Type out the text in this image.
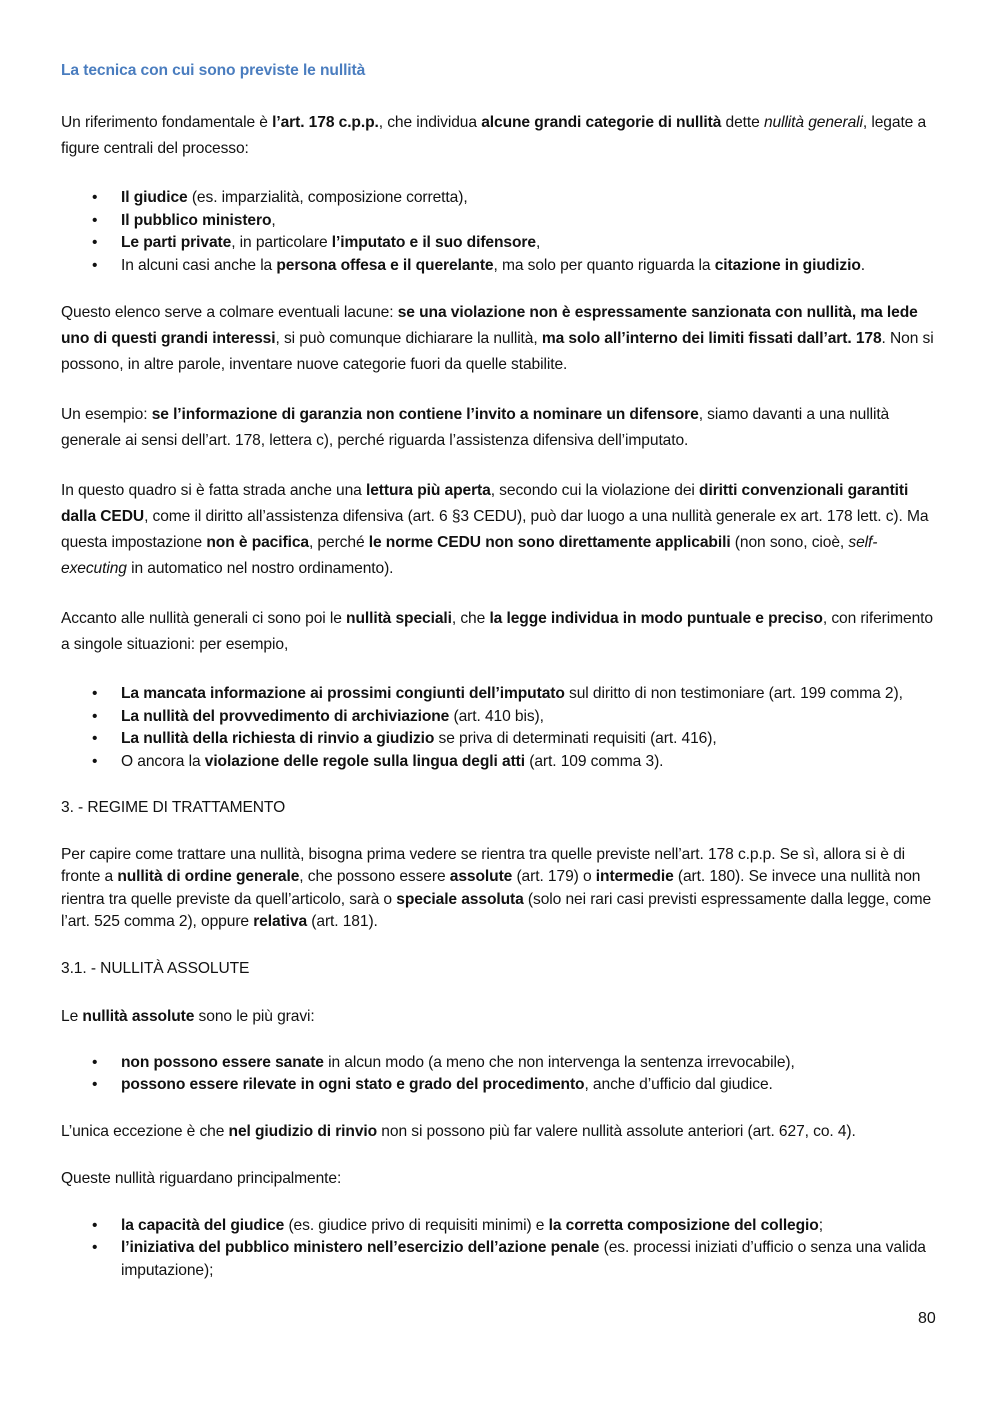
La tecnica con cui sono previste le nullità

Un riferimento fondamentale è l’art. 178 c.p.p., che individua alcune grandi categorie di nullità dette nullità generali, legate a figure centrali del processo:

• Il giudice (es. imparzialità, composizione corretta),
• Il pubblico ministero,
• Le parti private, in particolare l’imputato e il suo difensore,
• In alcuni casi anche la persona offesa e il querelante, ma solo per quanto riguarda la citazione in giudizio.

Questo elenco serve a colmare eventuali lacune: se una violazione non è espressamente sanzionata con nullità, ma lede uno di questi grandi interessi, si può comunque dichiarare la nullità, ma solo all’interno dei limiti fissati dall’art. 178. Non si possono, in altre parole, inventare nuove categorie fuori da quelle stabilite.

Un esempio: se l’informazione di garanzia non contiene l’invito a nominare un difensore, siamo davanti a una nullità generale ai sensi dell’art. 178, lettera c), perché riguarda l’assistenza difensiva dell’imputato.

In questo quadro si è fatta strada anche una lettura più aperta, secondo cui la violazione dei diritti convenzionali garantiti dalla CEDU, come il diritto all’assistenza difensiva (art. 6 §3 CEDU), può dar luogo a una nullità generale ex art. 178 lett. c). Ma questa impostazione non è pacifica, perché le norme CEDU non sono direttamente applicabili (non sono, cioè, self-executing in automatico nel nostro ordinamento).

Accanto alle nullità generali ci sono poi le nullità speciali, che la legge individua in modo puntuale e preciso, con riferimento a singole situazioni: per esempio,

• La mancata informazione ai prossimi congiunti dell’imputato sul diritto di non testimoniare (art. 199 comma 2),
• La nullità del provvedimento di archiviazione (art. 410 bis),
• La nullità della richiesta di rinvio a giudizio se priva di determinati requisiti (art. 416),
• O ancora la violazione delle regole sulla lingua degli atti (art. 109 comma 3).

3. - REGIME DI TRATTAMENTO

Per capire come trattare una nullità, bisogna prima vedere se rientra tra quelle previste nell’art. 178 c.p.p. Se sì, allora si è di fronte a nullità di ordine generale, che possono essere assolute (art. 179) o intermedie (art. 180). Se invece una nullità non rientra tra quelle previste da quell’articolo, sarà o speciale assoluta (solo nei rari casi previsti espressamente dalla legge, come l’art. 525 comma 2), oppure relativa (art. 181).

3.1. - NULLITÀ ASSOLUTE

Le nullità assolute sono le più gravi:

• non possono essere sanate in alcun modo (a meno che non intervenga la sentenza irrevocabile),
• possono essere rilevate in ogni stato e grado del procedimento, anche d’ufficio dal giudice.

L’unica eccezione è che nel giudizio di rinvio non si possono più far valere nullità assolute anteriori (art. 627, co. 4).

Queste nullità riguardano principalmente:

• la capacità del giudice (es. giudice privo di requisiti minimi) e la corretta composizione del collegio;
• l’iniziativa del pubblico ministero nell’esercizio dell’azione penale (es. processi iniziati d’ufficio o senza una valida imputazione);
80
